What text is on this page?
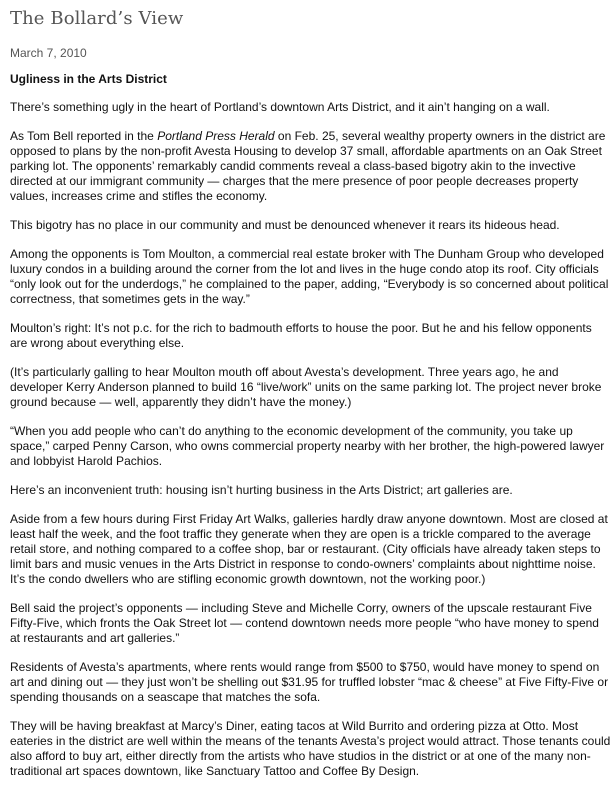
The Bollard’s View
March 7, 2010
Ugliness in the Arts District

There’s something ugly in the heart of Portland’s downtown Arts District, and it ain’t hanging on a wall.

As Tom Bell reported in the Portland Press Herald on Feb. 25, several wealthy property owners in the district are opposed to plans by the non-profit Avesta Housing to develop 37 small, affordable apartments on an Oak Street parking lot. The opponents’ remarkably candid comments reveal a class-based bigotry akin to the invective directed at our immigrant community — charges that the mere presence of poor people decreases property values, increases crime and stifles the economy.

This bigotry has no place in our community and must be denounced whenever it rears its hideous head.

Among the opponents is Tom Moulton, a commercial real estate broker with The Dunham Group who developed luxury condos in a building around the corner from the lot and lives in the huge condo atop its roof. City officials “only look out for the underdogs,” he complained to the paper, adding, “Everybody is so concerned about political correctness, that sometimes gets in the way.”

Moulton’s right: It’s not p.c. for the rich to badmouth efforts to house the poor. But he and his fellow opponents are wrong about everything else.

(It’s particularly galling to hear Moulton mouth off about Avesta’s development. Three years ago, he and developer Kerry Anderson planned to build 16 “live/work” units on the same parking lot. The project never broke ground because — well, apparently they didn’t have the money.)

“When you add people who can’t do anything to the economic development of the community, you take up space,” carped Penny Carson, who owns commercial property nearby with her brother, the high-powered lawyer and lobbyist Harold Pachios.

Here’s an inconvenient truth: housing isn’t hurting business in the Arts District; art galleries are.

Aside from a few hours during First Friday Art Walks, galleries hardly draw anyone downtown. Most are closed at least half the week, and the foot traffic they generate when they are open is a trickle compared to the average retail store, and nothing compared to a coffee shop, bar or restaurant. (City officials have already taken steps to limit bars and music venues in the Arts District in response to condo-owners’ complaints about nighttime noise. It’s the condo dwellers who are stifling economic growth downtown, not the working poor.)

Bell said the project’s opponents — including Steve and Michelle Corry, owners of the upscale restaurant Five Fifty-Five, which fronts the Oak Street lot — contend downtown needs more people “who have money to spend at restaurants and art galleries.”

Residents of Avesta’s apartments, where rents would range from $500 to $750, would have money to spend on art and dining out — they just won’t be shelling out $31.95 for truffled lobster “mac & cheese” at Five Fifty-Five or spending thousands on a seascape that matches the sofa.

They will be having breakfast at Marcy’s Diner, eating tacos at Wild Burrito and ordering pizza at Otto. Most eateries in the district are well within the means of the tenants Avesta’s project would attract. Those tenants could also afford to buy art, either directly from the artists who have studios in the district or at one of the many non-traditional art spaces downtown, like Sanctuary Tattoo and Coffee By Design.
